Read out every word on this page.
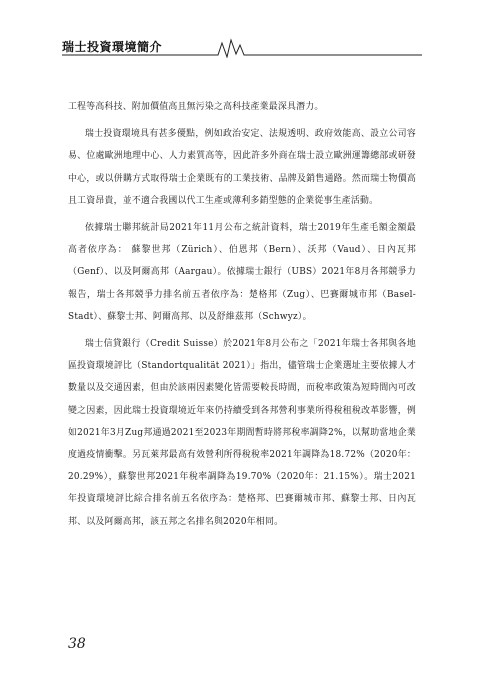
瑞士投資環境簡介

工程等高科技、附加價值高且無污染之高科技產業最深具潛力。

瑞士投資環境具有甚多優點，例如政治安定、法規透明、政府效能高、設立公司容易、位處歐洲地理中心、人力素質高等，因此許多外商在瑞士設立歐洲運籌總部或研發中心，或以併購方式取得瑞士企業既有的工業技術、品牌及銷售通路。然而瑞士物價高且工資昂貴，並不適合我國以代工生產或薄利多銷型態的企業從事生產活動。

依據瑞士聯邦統計局2021年11月公布之統計資料，瑞士2019年生產毛額金額最高者依序為： 蘇黎世邦（Zürich）、伯恩邦（Bern）、沃邦（Vaud）、日內瓦邦（Genf）、以及阿爾高邦（Aargau）。依據瑞士銀行（UBS）2021年8月各邦競爭力報告，瑞士各邦競爭力排名前五者依序為：楚格邦（Zug）、巴賽爾城市邦（Basel-Stadt）、蘇黎士邦、阿爾高邦、以及舒維茲邦（Schwyz）。

瑞士信貸銀行（Credit Suisse）於2021年8月公布之「2021年瑞士各邦與各地區投資環境評比（Standortqualität 2021）」指出，儘管瑞士企業選址主要依據人才數量以及交通因素，但由於該兩因素變化皆需要較長時間，而稅率政策為短時間內可改變之因素，因此瑞士投資環境近年來仍持續受到各邦營利事業所得稅租稅改革影響，例如2021年3月Zug邦通過2021至2023年期間暫時將邦稅率調降2%，以幫助當地企業度過疫情衝擊。另瓦萊邦最高有效營利所得稅稅率2021年調降為18.72%（2020年：20.29%），蘇黎世邦2021年稅率調降為19.70%（2020年：21.15%）。瑞士2021年投資環境評比綜合排名前五名依序為：楚格邦、巴賽爾城市邦、蘇黎士邦、日內瓦邦、以及阿爾高邦，該五邦之名排名與2020年相同。

38
